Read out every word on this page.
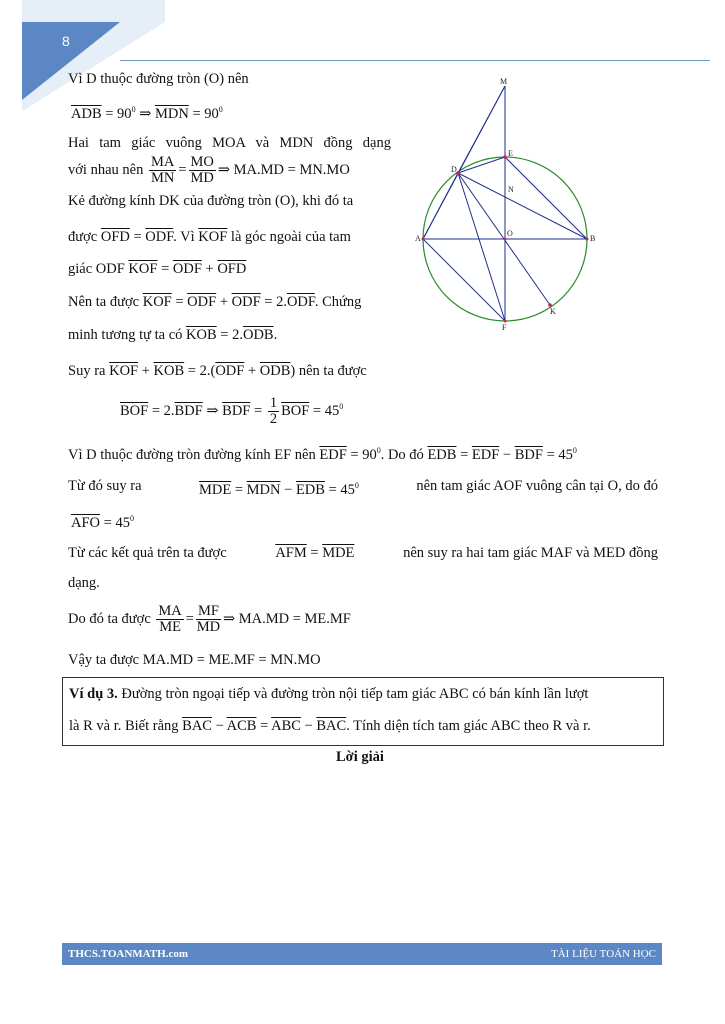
8
Vì D thuộc đường tròn (O) nên
$\overline{ADB} = 90^0$ ⇒ $\overline{MDN} = 90^0$
Hai tam giác vuông MOA và MDN đồng dạng
với nhau nên $\frac{MA}{MN} = \frac{MO}{MD}$ ⇒ MA.MD = MN.MO
Kẻ đường kính DK của đường tròn (O), khi đó ta
được $\overline{OFD} = \overline{ODF}$. Vì $\overline{KOF}$ là góc ngoài của tam
giác ODF $\overline{KOF} = \overline{ODF} + \overline{OFD}$
Nên ta được $\overline{KOF} = \overline{ODF} + \overline{ODF} = 2.\overline{ODF}$. Chứng
minh tương tự ta có $\overline{KOB} = 2.\overline{ODB}$.
Suy ra $\overline{KOF} + \overline{KOB} = 2.(\overline{ODF} + \overline{ODB})$ nên ta được
$\overline{BOF} = 2.\overline{BDF}$ ⇒ $\overline{BDF} = \frac{1}{2} \overline{BOF} = 45^0$
Vì D thuộc đường tròn đường kính EF nên $\overline{EDF} = 90^0$. Do đó $\overline{EDB} = \overline{EDF} - \overline{BDF} = 45^0$
Từ đó suy ra	$\overline{MDE} = \overline{MDN} - \overline{EDB} = 45^0$	nên tam giác AOF vuông cân tại O, do đó
$\overline{AFO} = 45^0$
Từ các kết quả trên ta được	$\overline{AFM} = \overline{MDE}$	nên suy ra hai tam giác MAF và MED đồng
dạng.
Do đó ta được $\frac{MA}{ME} = \frac{MF}{MD}$ ⇒ MA.MD = ME.MF
Vậy ta được MA.MD = ME.MF = MN.MO
Ví dụ 3. Đường tròn ngoại tiếp và đường tròn nội tiếp tam giác ABC có bán kính lần lượt
là R và r. Biết rằng $\overline{BAC} - \overline{ACB} = \overline{ABC} - \overline{BAC}$. Tính diện tích tam giác ABC theo R và r.
Lời giải
M
E
D
N
A
O
B
K
F
THCS.TOANMATH.com	TÀI LIỆU TOÁN HỌC
